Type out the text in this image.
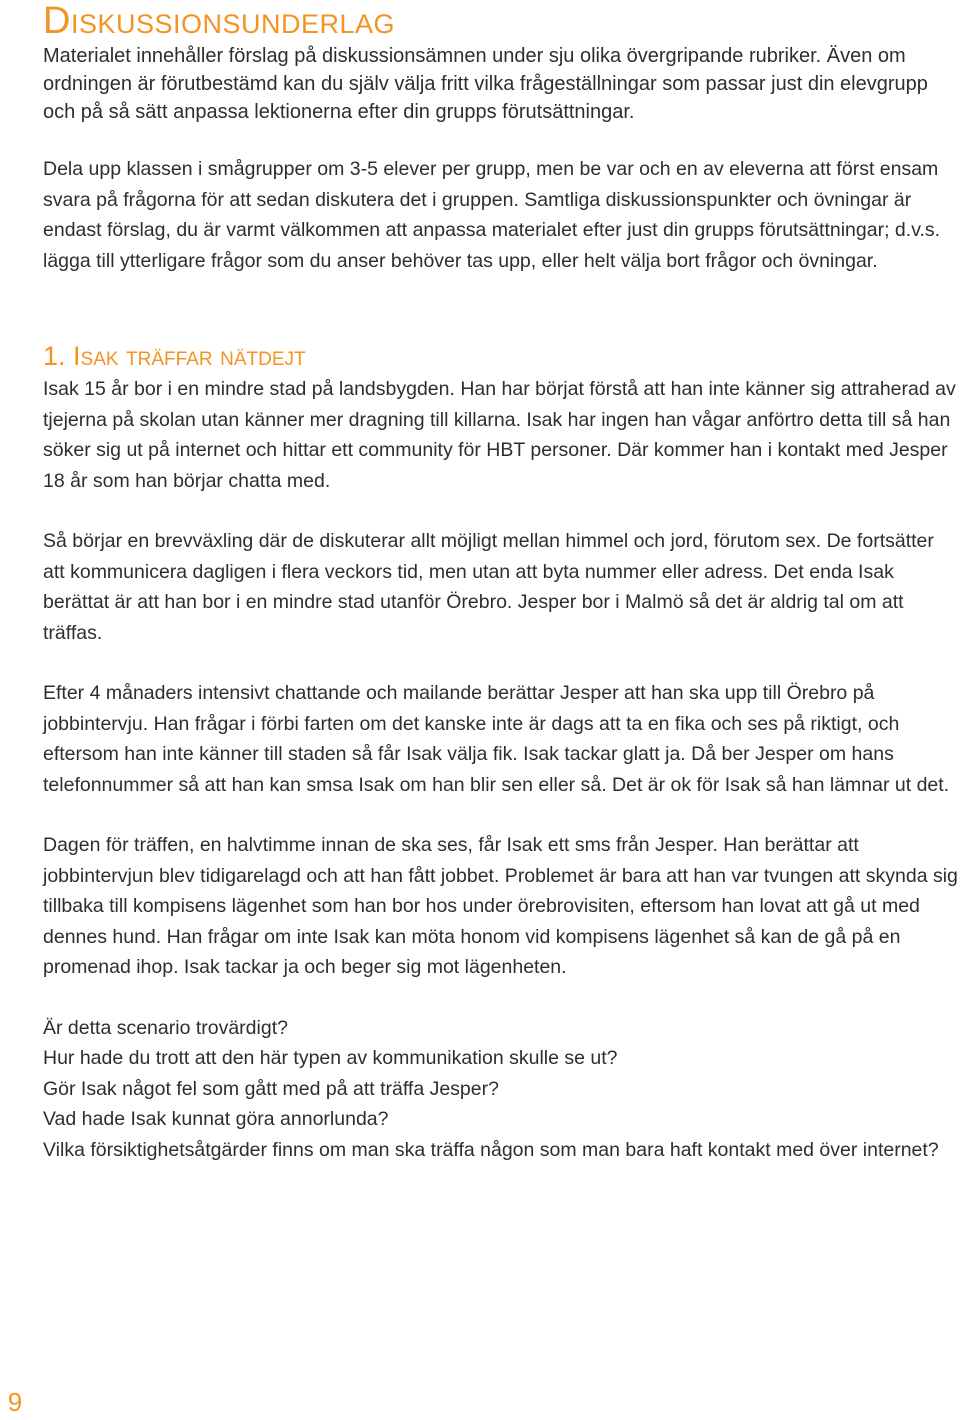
Diskussionsunderlag

Materialet innehåller förslag på diskussionsämnen under sju olika övergripande rubriker. Även om ordningen är förutbestämd kan du själv välja fritt vilka frågeställningar som passar just din elevgrupp och på så sätt anpassa lektionerna efter din grupps förutsättningar.

Dela upp klassen i smågrupper om 3-5 elever per grupp, men be var och en av eleverna att först ensam svara på frågorna för att sedan diskutera det i gruppen. Samtliga diskussionspunkter och övningar är endast förslag, du är varmt välkommen att anpassa materialet efter just din grupps förutsättningar; d.v.s. lägga till ytterligare frågor som du anser behöver tas upp, eller helt välja bort frågor och övningar.

1. Isak träffar nätdejt

Isak 15 år bor i en mindre stad på landsbygden. Han har börjat förstå att han inte känner sig attraherad av tjejerna på skolan utan känner mer dragning till killarna. Isak har ingen han vågar anförtro detta till så han söker sig ut på internet och hittar ett community för HBT personer. Där kommer han i kontakt med Jesper 18 år som han börjar chatta med.

Så börjar en brevväxling där de diskuterar allt möjligt mellan himmel och jord, förutom sex. De fortsätter att kommunicera dagligen i flera veckors tid, men utan att byta nummer eller adress. Det enda Isak berättat är att han bor i en mindre stad utanför Örebro. Jesper bor i Malmö så det är aldrig tal om att träffas.

Efter 4 månaders intensivt chattande och mailande berättar Jesper att han ska upp till Örebro på jobbintervju. Han frågar i förbi farten om det kanske inte är dags att ta en fika och ses på riktigt, och eftersom han inte känner till staden så får Isak välja fik. Isak tackar glatt ja. Då ber Jesper om hans telefonnummer så att han kan smsa Isak om han blir sen eller så. Det är ok för Isak så han lämnar ut det.

Dagen för träffen, en halvtimme innan de ska ses, får Isak ett sms från Jesper. Han berättar att jobbintervjun blev tidigarelagd och att han fått jobbet. Problemet är bara att han var tvungen att skynda sig tillbaka till kompisens lägenhet som han bor hos under örebrovisiten, eftersom han lovat att gå ut med dennes hund. Han frågar om inte Isak kan möta honom vid kompisens lägenhet så kan de gå på en promenad ihop. Isak tackar ja och beger sig mot lägenheten.

Är detta scenario trovärdigt?
Hur hade du trott att den här typen av kommunikation skulle se ut?
Gör Isak något fel som gått med på att träffa Jesper?
Vad hade Isak kunnat göra annorlunda?
Vilka försiktighetsåtgärder finns om man ska träffa någon som man bara haft kontakt med över internet?
9
